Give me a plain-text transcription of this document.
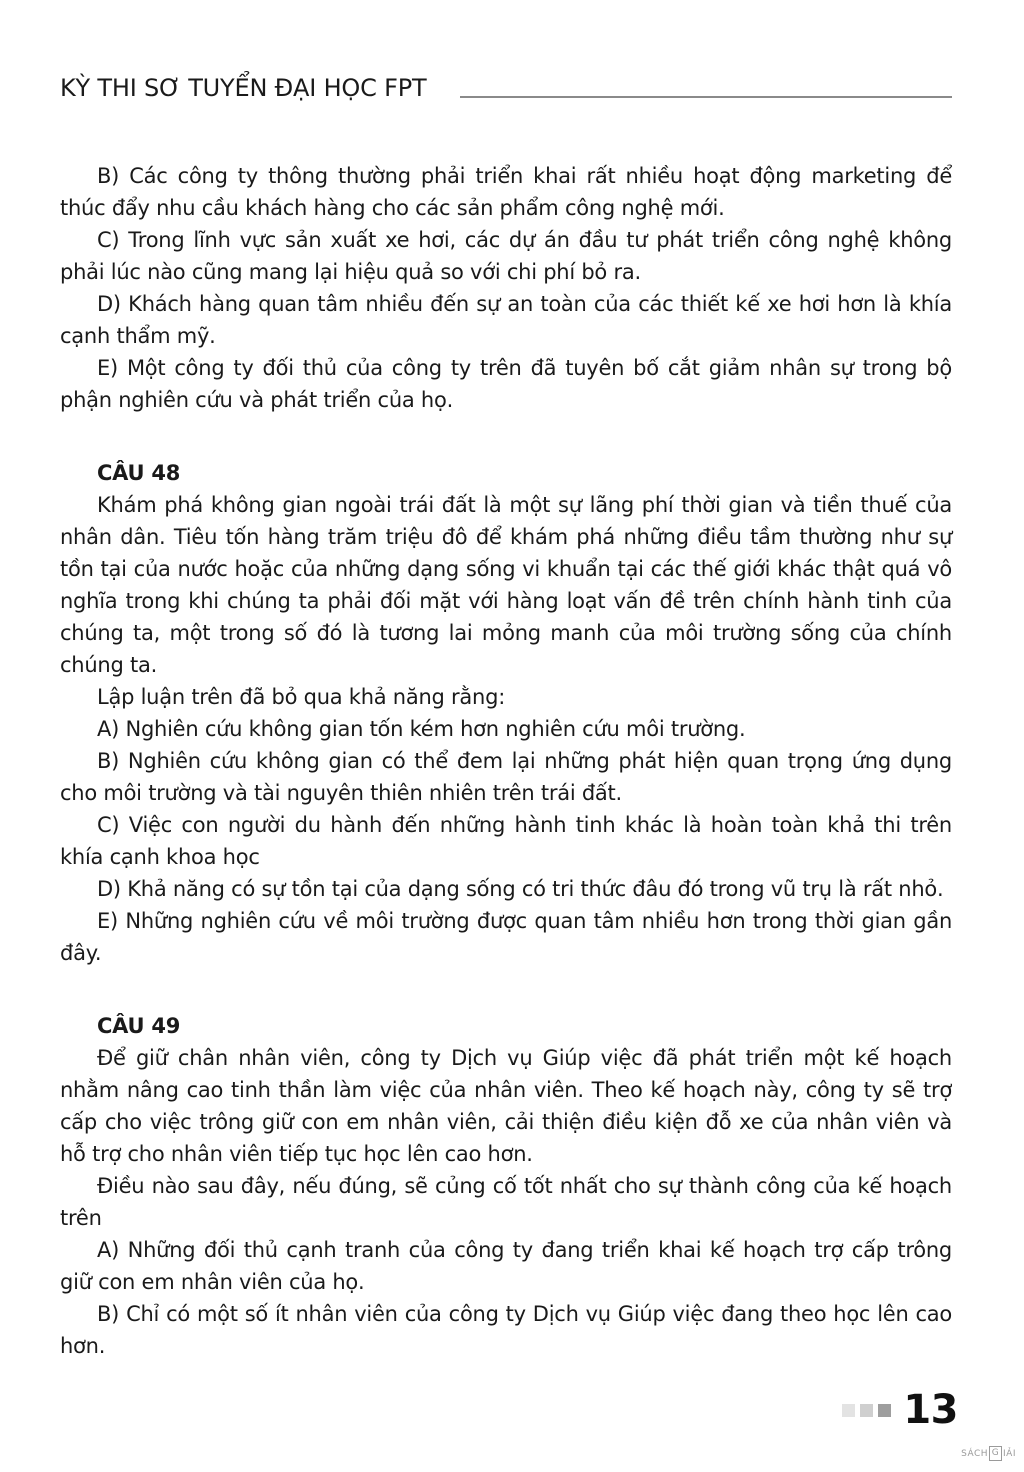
KỲ THI SƠ TUYỂN ĐẠI HỌC FPT

B) Các công ty thông thường phải triển khai rất nhiều hoạt động marketing để thúc đẩy nhu cầu khách hàng cho các sản phẩm công nghệ mới.

C) Trong lĩnh vực sản xuất xe hơi, các dự án đầu tư phát triển công nghệ không phải lúc nào cũng mang lại hiệu quả so với chi phí bỏ ra.

D) Khách hàng quan tâm nhiều đến sự an toàn của các thiết kế xe hơi hơn là khía cạnh thẩm mỹ.

E) Một công ty đối thủ của công ty trên đã tuyên bố cắt giảm nhân sự trong bộ phận nghiên cứu và phát triển của họ.

CÂU 48

Khám phá không gian ngoài trái đất là một sự lãng phí thời gian và tiền thuế của nhân dân. Tiêu tốn hàng trăm triệu đô để khám phá những điều tầm thường như sự tồn tại của nước hoặc của những dạng sống vi khuẩn tại các thế giới khác thật quá vô nghĩa trong khi chúng ta phải đối mặt với hàng loạt vấn đề trên chính hành tinh của chúng ta, một trong số đó là tương lai mỏng manh của môi trường sống của chính chúng ta.

Lập luận trên đã bỏ qua khả năng rằng:

A) Nghiên cứu không gian tốn kém hơn nghiên cứu môi trường.

B) Nghiên cứu không gian có thể đem lại những phát hiện quan trọng ứng dụng cho môi trường và tài nguyên thiên nhiên trên trái đất.

C) Việc con người du hành đến những hành tinh khác là hoàn toàn khả thi trên khía cạnh khoa học

D) Khả năng có sự tồn tại của dạng sống có tri thức đâu đó trong vũ trụ là rất nhỏ.

E) Những nghiên cứu về môi trường được quan tâm nhiều hơn trong thời gian gần đây.

CÂU 49

Để giữ chân nhân viên, công ty Dịch vụ Giúp việc đã phát triển một kế hoạch nhằm nâng cao tinh thần làm việc của nhân viên. Theo kế hoạch này, công ty sẽ trợ cấp cho việc trông giữ con em nhân viên, cải thiện điều kiện đỗ xe của nhân viên và hỗ trợ cho nhân viên tiếp tục học lên cao hơn.

Điều nào sau đây, nếu đúng, sẽ củng cố tốt nhất cho sự thành công của kế hoạch trên

A) Những đối thủ cạnh tranh của công ty đang triển khai kế hoạch trợ cấp trông giữ con em nhân viên của họ.

B) Chỉ có một số ít nhân viên của công ty Dịch vụ Giúp việc đang theo học lên cao hơn.

13
SÁCH G IẢI
